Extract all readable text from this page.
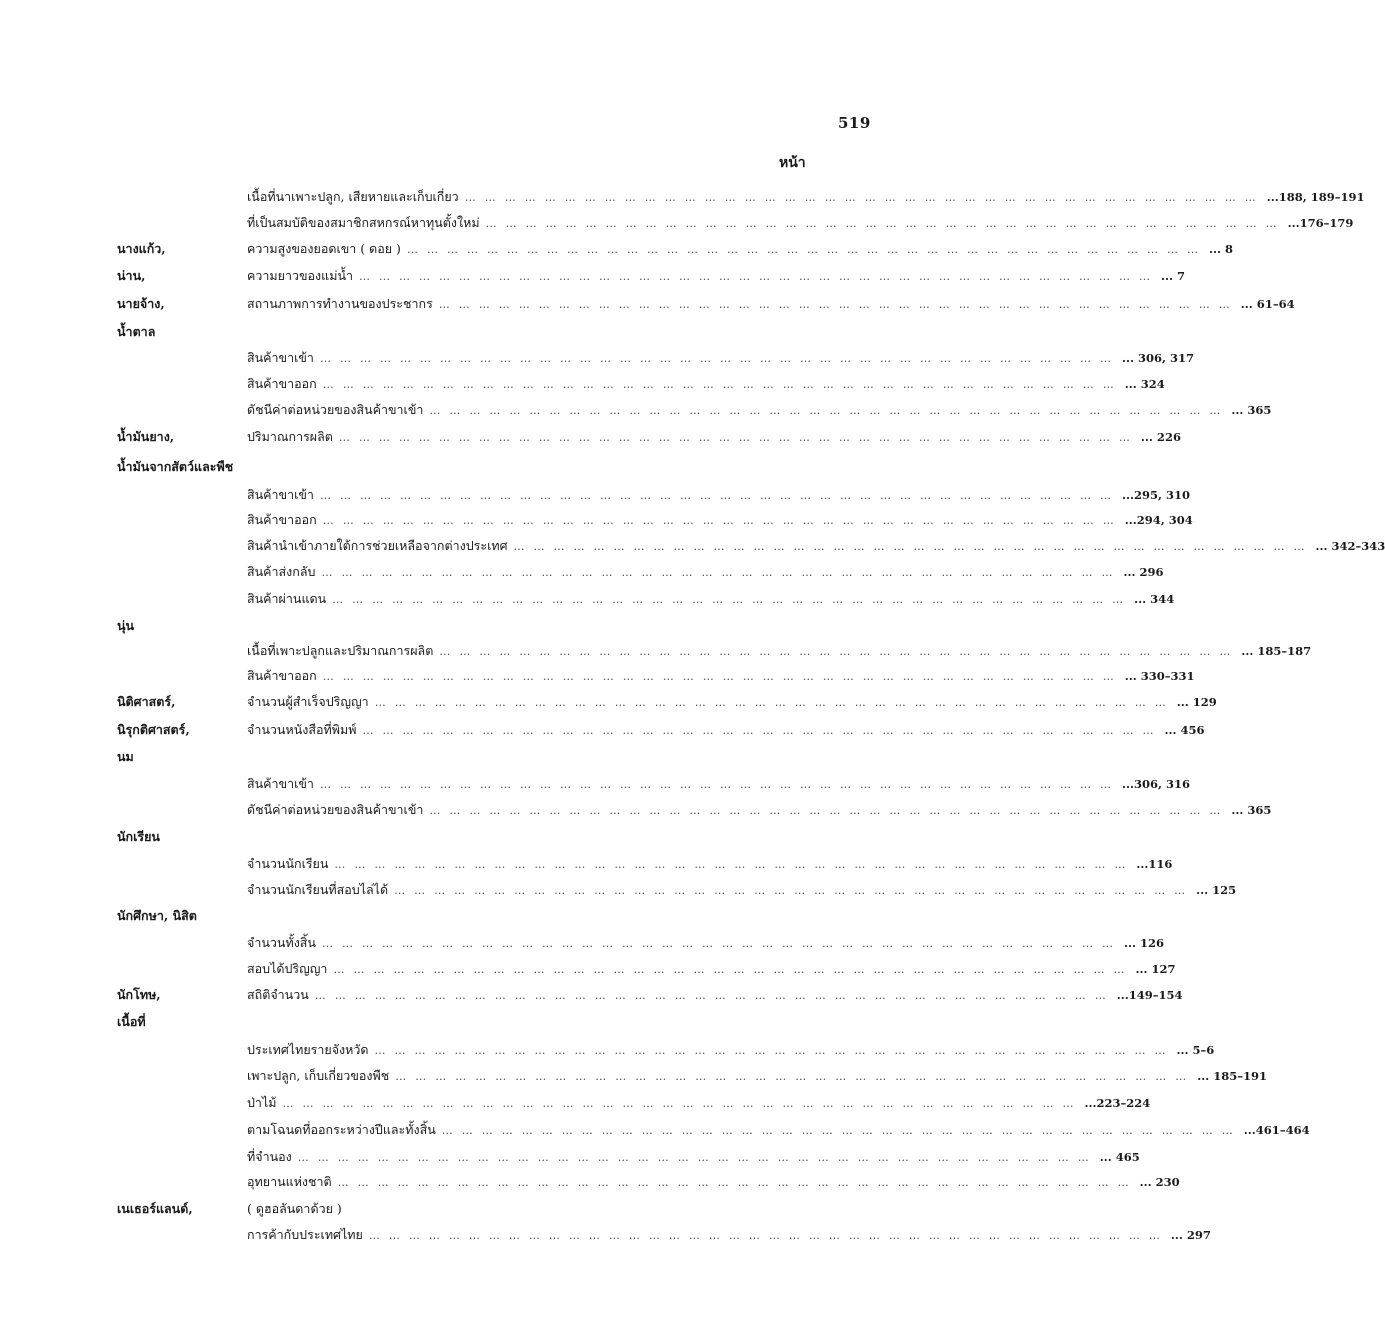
519
หน้า
เนื้อที่นาเพาะปลูก, เสียหายและเก็บเกี่ยว ………………………………………………………………………………………………………… ...188, 189–191
ที่เป็นสมบัติของสมาชิกสหกรณ์หาทุนตั้งใหม่ ………………………………………………………………………………………………………… ...176–179
นางแก้ว,	ความสูงของยอดเขา ( ดอย ) ………………………………………………………………………………………………………… ... 8
น่าน,	ความยาวของแม่น้ำ ………………………………………………………………………………………………………… ... 7
นายจ้าง,	สถานภาพการทำงานของประชากร ………………………………………………………………………………………………………… ... 61–64
น้ำตาล
สินค้าขาเข้า ………………………………………………………………………………………………………… ... 306, 317
สินค้าขาออก ………………………………………………………………………………………………………… ... 324
ดัชนีค่าต่อหน่วยของสินค้าขาเข้า ………………………………………………………………………………………………………… ... 365
น้ำมันยาง,	ปริมาณการผลิต ………………………………………………………………………………………………………… ... 226
น้ำมันจากสัตว์และพืช
สินค้าขาเข้า ………………………………………………………………………………………………………… ...295, 310
สินค้าขาออก ………………………………………………………………………………………………………… ...294, 304
สินค้านำเข้าภายใต้การช่วยเหลือจากต่างประเทศ ………………………………………………………………………………………………………… ... 342–343
สินค้าส่งกลับ ………………………………………………………………………………………………………… ... 296
สินค้าผ่านแดน ………………………………………………………………………………………………………… ... 344
นุ่น
เนื้อที่เพาะปลูกและปริมาณการผลิต ………………………………………………………………………………………………………… ... 185–187
สินค้าขาออก ………………………………………………………………………………………………………… ... 330–331
นิติศาสตร์,	จำนวนผู้สำเร็จปริญญา ………………………………………………………………………………………………………… ... 129
นิรุกติศาสตร์,	จำนวนหนังสือที่พิมพ์ ………………………………………………………………………………………………………… ... 456
นม
สินค้าขาเข้า ………………………………………………………………………………………………………… ...306, 316
ดัชนีค่าต่อหน่วยของสินค้าขาเข้า ………………………………………………………………………………………………………… ... 365
นักเรียน
จำนวนนักเรียน ………………………………………………………………………………………………………… ...116
จำนวนนักเรียนที่สอบไล่ได้ ………………………………………………………………………………………………………… ... 125
นักศึกษา, นิสิต
จำนวนทั้งสิ้น ………………………………………………………………………………………………………… ... 126
สอบได้ปริญญา ………………………………………………………………………………………………………… ... 127
นักโทษ,	สถิติจำนวน ………………………………………………………………………………………………………… ...149–154
เนื้อที่
ประเทศไทยรายจังหวัด ………………………………………………………………………………………………………… ... 5–6
เพาะปลูก, เก็บเกี่ยวของพืช ………………………………………………………………………………………………………… ... 185–191
ป่าไม้ ………………………………………………………………………………………………………… ...223–224
ตามโฉนดที่ออกระหว่างปีและทั้งสิ้น ………………………………………………………………………………………………………… ...461–464
ที่จำนอง ………………………………………………………………………………………………………… ... 465
อุทยานแห่งชาติ ………………………………………………………………………………………………………… ... 230
เนเธอร์แลนด์,	( ดูฮอลันดาด้วย )
การค้ากับประเทศไทย ………………………………………………………………………………………………………… ... 297
